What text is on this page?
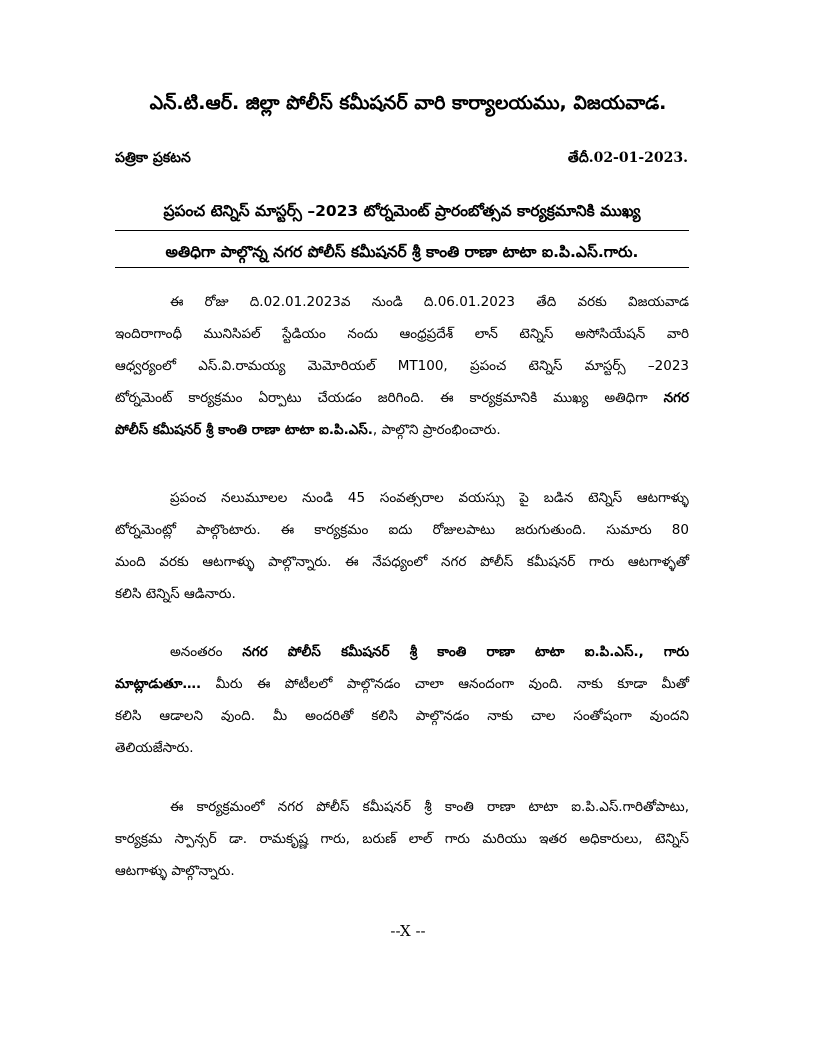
ఎన్.టి.ఆర్. జిల్లా పోలీస్ కమీషనర్ వారి కార్యాలయము, విజయవాడ.
పత్రికా ప్రకటన	తేదీ.02-01-2023.
ప్రపంచ టెన్నిస్ మాస్టర్స్ –2023 టోర్నమెంట్ ప్రారంబోత్సవ కార్యక్రమానికి ముఖ్య
అతిధిగా పాల్గొన్న నగర పోలీస్ కమీషనర్ శ్రీ కాంతి రాణా టాటా ఐ.పి.ఎస్.గారు.
ఈ రోజు ది.02.01.2023వ నుండి ది.06.01.2023 తేది వరకు విజయవాడ
ఇందిరాగాంధీ మునిసిపల్ స్టేడియం నందు ఆంధ్రప్రదేశ్ లాన్ టెన్నిస్ అసోసియేషన్ వారి
ఆధ్వర్యంలో ఎస్.వి.రామయ్య మెమోరియల్ MT100, ప్రపంచ టెన్నిస్ మాస్టర్స్ –2023
టోర్నమెంట్ కార్యక్రమం ఏర్పాటు చేయడం జరిగింది. ఈ కార్యక్రమానికి ముఖ్య అతిధిగా నగర
పోలీస్ కమీషనర్ శ్రీ కాంతి రాణా టాటా ఐ.పి.ఎస్., పాల్గొని ప్రారంభించారు.
ప్రపంచ నలుమూలల నుండి 45 సంవత్సరాల వయస్సు పై బడిన టెన్నిస్ ఆటగాళ్ళు
టోర్నమెంట్లో పాల్గొంటారు. ఈ కార్యక్రమం ఐదు రోజులపాటు జరుగుతుంది. సుమారు 80
మంది వరకు ఆటగాళ్ళు పాల్గొన్నారు. ఈ నేపధ్యంలో నగర పోలీస్ కమీషనర్ గారు ఆటగాళ్ళతో
కలిసి టెన్నిస్ ఆడినారు.
అనంతరం నగర పోలీస్ కమీషనర్ శ్రీ కాంతి రాణా టాటా ఐ.పి.ఎస్., గారు
మాట్లాడుతూ…. మీరు ఈ పోటీలలో పాల్గొనడం చాలా ఆనందంగా వుంది. నాకు కూడా మీతో
కలిసి ఆడాలని వుంది. మీ అందరితో కలిసి పాల్గొనడం నాకు చాల సంతోషంగా వుందని
తెలియజేసారు.
ఈ కార్యక్రమంలో నగర పోలీస్ కమీషనర్ శ్రీ కాంతి రాణా టాటా ఐ.పి.ఎస్.గారితోపాటు,
కార్యక్రమ స్పాన్సర్ డా. రామకృష్ణ గారు, బరుణ్ లాల్ గారు మరియు ఇతర అధికారులు, టెన్నిస్
ఆటగాళ్ళు పాల్గొన్నారు.
--X --
